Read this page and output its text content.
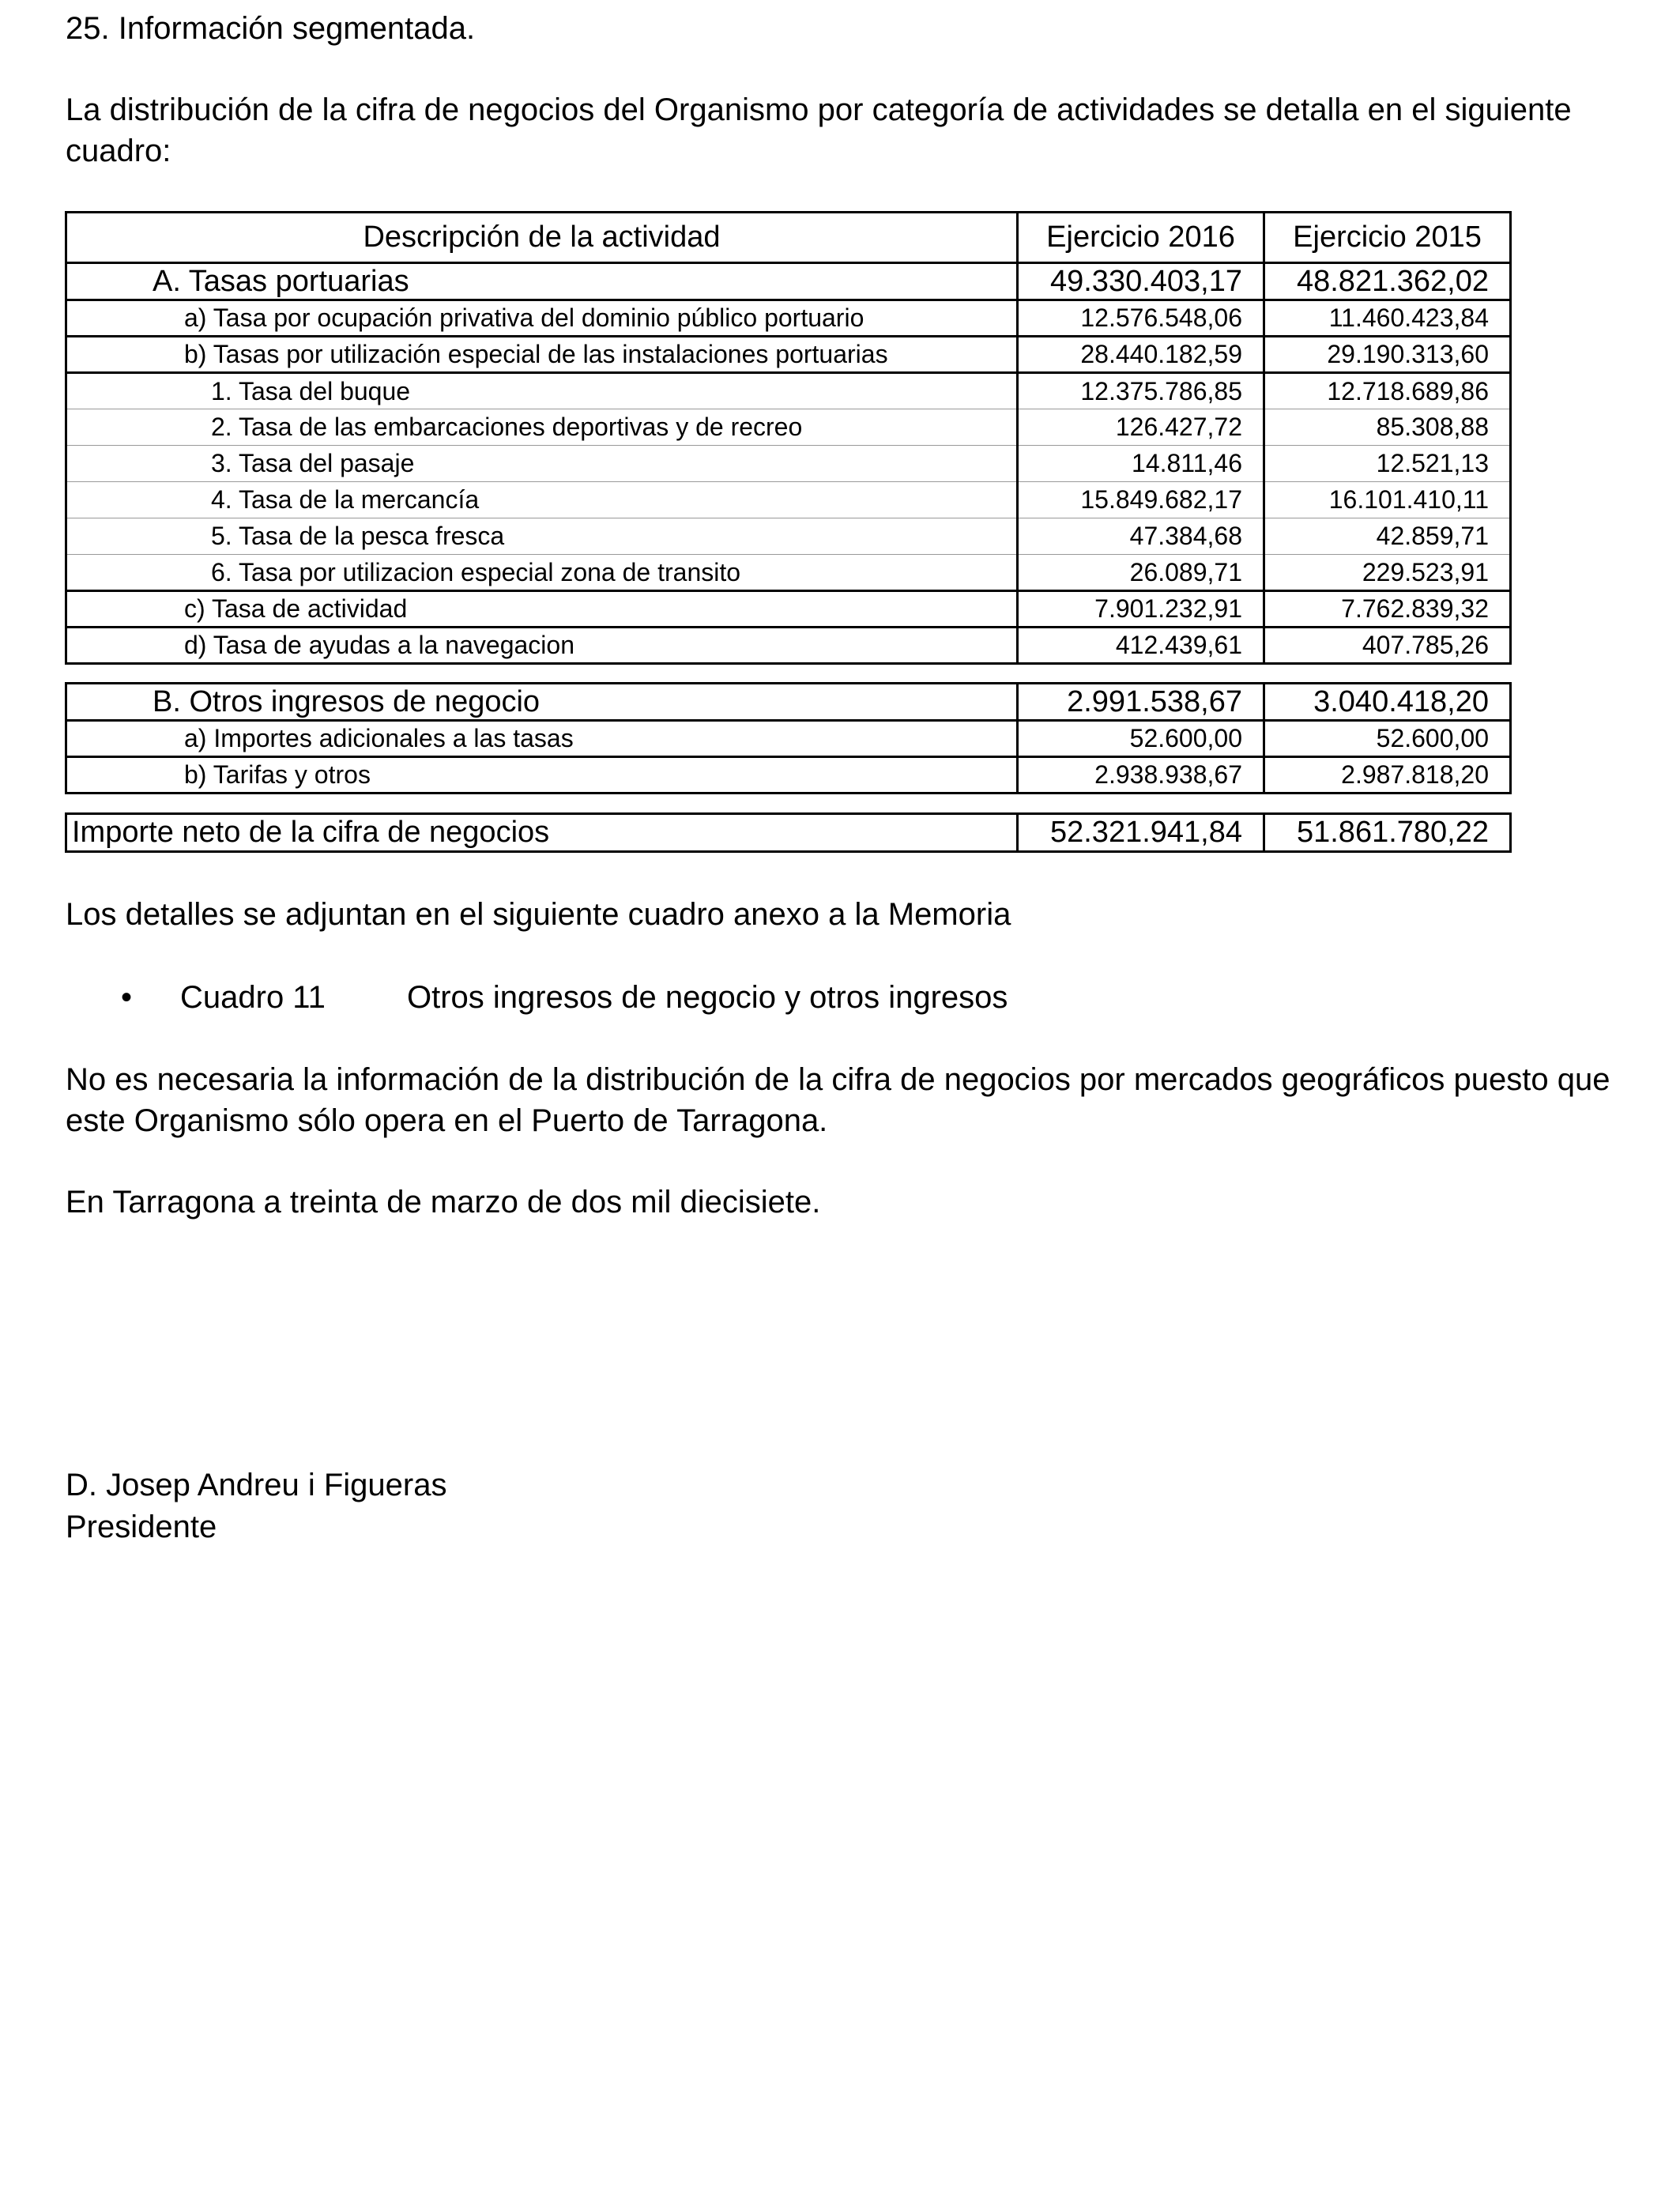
25. Información segmentada.

La distribución de la cifra de negocios del Organismo por categoría de actividades se detalla en el siguiente cuadro:

Descripción de la actividad	Ejercicio 2016	Ejercicio 2015
A. Tasas portuarias	49.330.403,17	48.821.362,02
a) Tasa por ocupación privativa del dominio público portuario	12.576.548,06	11.460.423,84
b) Tasas por utilización especial de las instalaciones portuarias	28.440.182,59	29.190.313,60
1. Tasa del buque	12.375.786,85	12.718.689,86
2. Tasa de las embarcaciones deportivas y de recreo	126.427,72	85.308,88
3. Tasa del pasaje	14.811,46	12.521,13
4. Tasa de la mercancía	15.849.682,17	16.101.410,11
5. Tasa de la pesca fresca	47.384,68	42.859,71
6. Tasa por utilizacion especial zona de transito	26.089,71	229.523,91
c) Tasa de actividad	7.901.232,91	7.762.839,32
d) Tasa de ayudas a la navegacion	412.439,61	407.785,26
B. Otros ingresos de negocio	2.991.538,67	3.040.418,20
a) Importes adicionales a las tasas	52.600,00	52.600,00
b) Tarifas y otros	2.938.938,67	2.987.818,20
Importe neto de la cifra de negocios	52.321.941,84	51.861.780,22

Los detalles se adjuntan en el siguiente cuadro anexo a la Memoria

• Cuadro 11	Otros ingresos de negocio y otros ingresos

No es necesaria la información de la distribución de la cifra de negocios por mercados geográficos puesto que este Organismo sólo opera en el Puerto de Tarragona.

En Tarragona a treinta de marzo de dos mil diecisiete.

D. Josep Andreu i Figueras

Presidente
